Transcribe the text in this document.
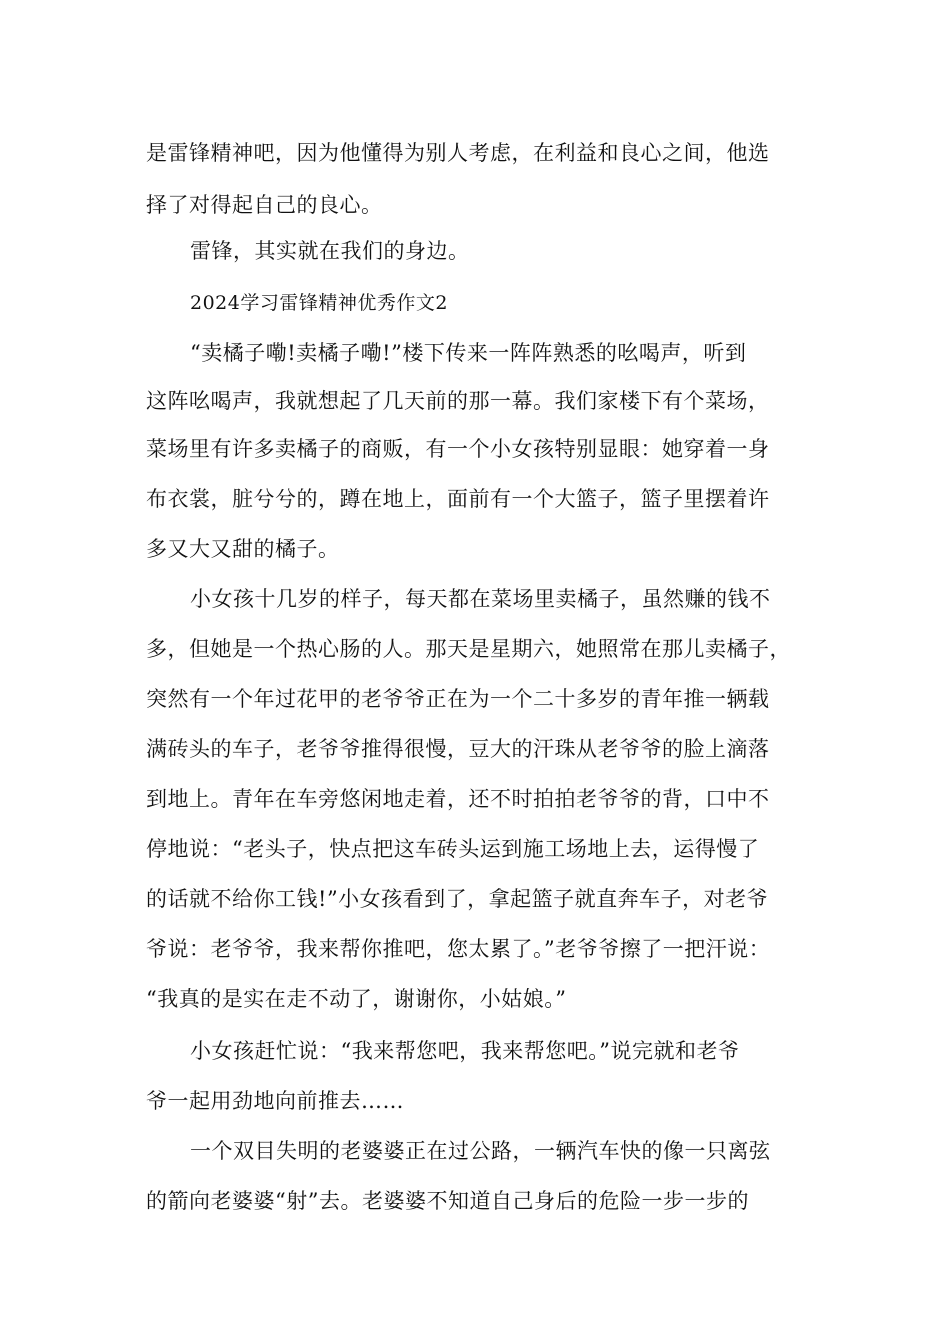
是雷锋精神吧，因为他懂得为别人考虑，在利益和良心之间，他选
择了对得起自己的良心。
雷锋，其实就在我们的身边。
2024学习雷锋精神优秀作文2
“卖橘子嘞!卖橘子嘞!”楼下传来一阵阵熟悉的吆喝声，听到
这阵吆喝声，我就想起了几天前的那一幕。我们家楼下有个菜场，
菜场里有许多卖橘子的商贩，有一个小女孩特别显眼：她穿着一身
布衣裳，脏兮兮的，蹲在地上，面前有一个大篮子，篮子里摆着许
多又大又甜的橘子。
小女孩十几岁的样子，每天都在菜场里卖橘子，虽然赚的钱不
多，但她是一个热心肠的人。那天是星期六，她照常在那儿卖橘子，
突然有一个年过花甲的老爷爷正在为一个二十多岁的青年推一辆载
满砖头的车子，老爷爷推得很慢，豆大的汗珠从老爷爷的脸上滴落
到地上。青年在车旁悠闲地走着，还不时拍拍老爷爷的背，口中不
停地说：“老头子，快点把这车砖头运到施工场地上去，运得慢了
的话就不给你工钱!”小女孩看到了，拿起篮子就直奔车子，对老爷
爷说：老爷爷，我来帮你推吧，您太累了。”老爷爷擦了一把汗说：
“我真的是实在走不动了，谢谢你，小姑娘。”
小女孩赶忙说：“我来帮您吧，我来帮您吧。”说完就和老爷
爷一起用劲地向前推去……
一个双目失明的老婆婆正在过公路，一辆汽车快的像一只离弦
的箭向老婆婆“射”去。老婆婆不知道自己身后的危险一步一步的
